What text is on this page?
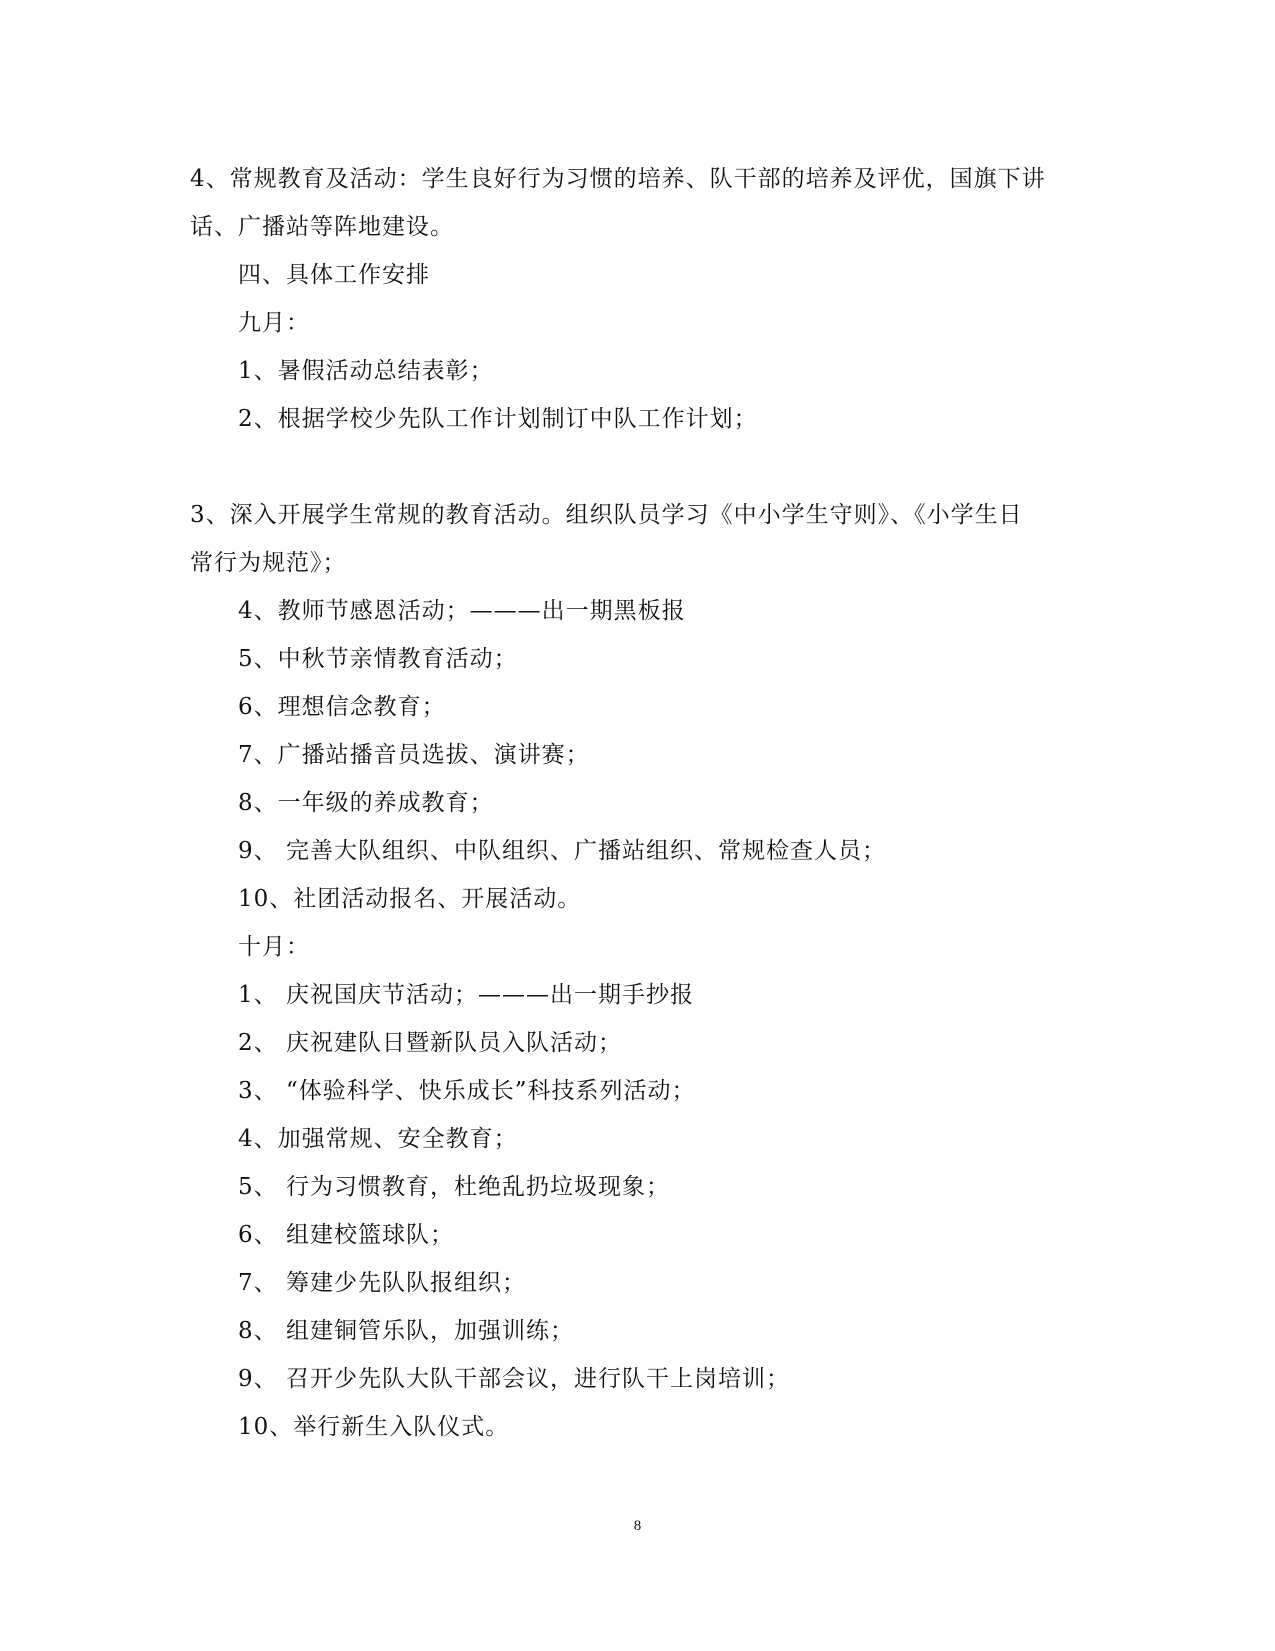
4、常规教育及活动：学生良好行为习惯的培养、队干部的培养及评优，国旗下讲
话、广播站等阵地建设。
四、具体工作安排
九月：
1、暑假活动总结表彰；
2、根据学校少先队工作计划制订中队工作计划；
3、深入开展学生常规的教育活动。组织队员学习《中小学生守则》、《小学生日
常行为规范》；
4、教师节感恩活动；———出一期黑板报
5、中秋节亲情教育活动；
6、理想信念教育；
7、广播站播音员选拔、演讲赛；
8、一年级的养成教育；
9、 完善大队组织、中队组织、广播站组织、常规检查人员；
10、社团活动报名、开展活动。
十月：
1、 庆祝国庆节活动；———出一期手抄报
2、 庆祝建队日暨新队员入队活动；
3、 “体验科学、快乐成长”科技系列活动；
4、加强常规、安全教育；
5、 行为习惯教育，杜绝乱扔垃圾现象；
6、 组建校篮球队；
7、 筹建少先队队报组织；
8、 组建铜管乐队，加强训练；
9、 召开少先队大队干部会议，进行队干上岗培训；
10、举行新生入队仪式。
8
